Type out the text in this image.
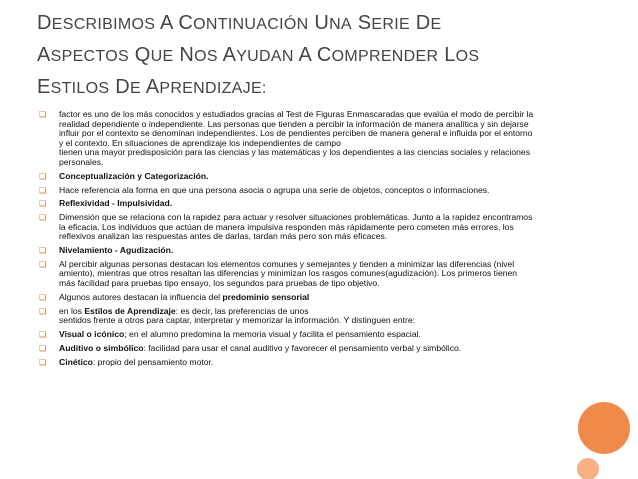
DESCRIBIMOS A CONTINUACIÓN UNA SERIE DE
ASPECTOS QUE NOS AYUDAN A COMPRENDER LOS
ESTILOS DE APRENDIZAJE:
❏ factor es uno de los más conocidos y estudiados gracias al Test de Figuras Enmascaradas que evalúa el modo de percibir la
realidad dependiente o independiente. Las personas que tienden a percibir la información de manera analítica y sin dejarse
influir por el contexto se denominan independientes. Los de pendientes perciben de manera general e influida por el entorno
y el contexto. En situaciones de aprendizaje los independientes de campo
tienen una mayor predisposición para las ciencias y las matemáticas y los dependientes a las ciencias sociales y relaciones
personales.
❏ Conceptualización y Categorización.
❏ Hace referencia ala forma en que una persona asocia o agrupa una serie de objetos, conceptos o informaciones.
❏ Reflexividad - Impulsividad.
❏ Dimensión que se relaciona con la rapidez para actuar y resolver situaciones problemáticas. Junto a la rapidez encontramos
la eficacia. Los individuos que actúan de manera impulsiva responden más rápidamente pero cometen más errores, los
reflexivos analizan las respuestas antes de darlas, tardan más pero son más eficaces.
❏ Nivelamiento - Agudización.
❏ Al percibir algunas personas destacan los elementos comunes y semejantes y tienden a minimizar las diferencias (nivel
amiento), mientras que otros resaltan las diferencias y minimizan los rasgos comunes(agudización). Los primeros tienen
más facilidad para pruebas tipo ensayo, los segundos para pruebas de tipo objetivo.
❏ Algunos autores destacan la influencia del predominio sensorial
❏ en los Estilos de Aprendizaje: es decir, las preferencias de unos
sentidos frente a otros para captar, interpretar y memorizar la información. Y distinguen entre:
❏ Visual o icónico; en el alumno predomina la memoria visual y facilita el pensamiento espacial.
❏ Auditivo o simbólico: facilidad para usar el canal auditivo y favorecer el pensamiento verbal y simbólico.
❏ Cinético: propio del pensamiento motor.
